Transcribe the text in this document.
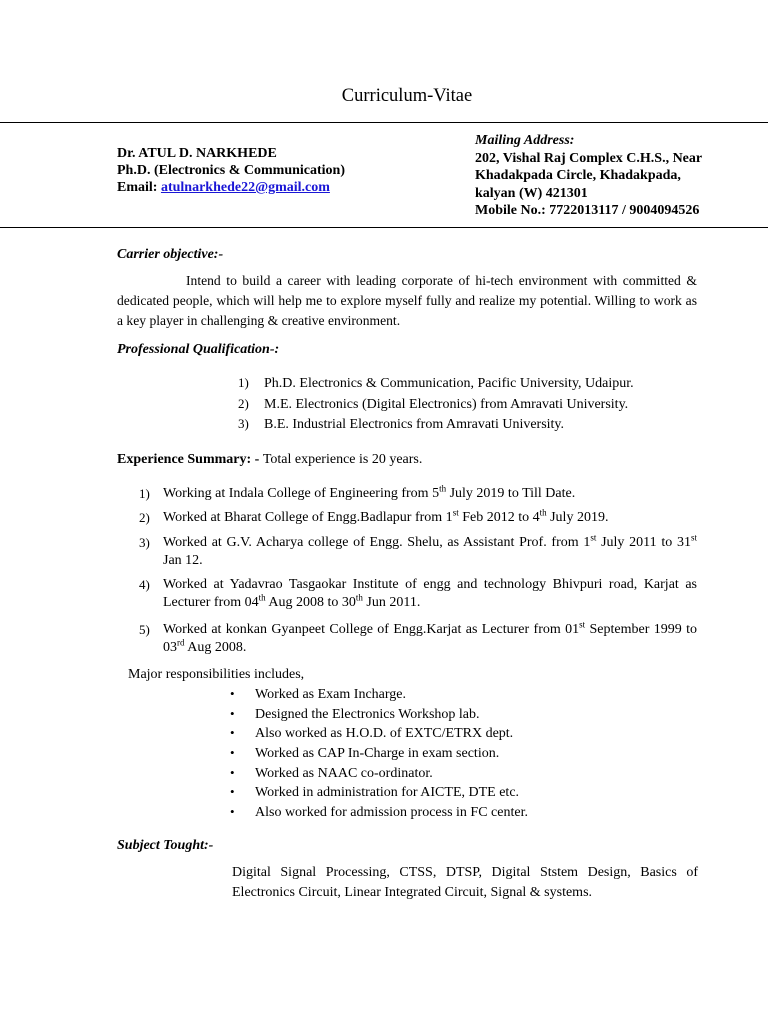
Curriculum-Vitae
Dr. ATUL D. NARKHEDE
Ph.D. (Electronics & Communication)
Email: atulnarkhede22@gmail.com
Mailing Address:
202, Vishal Raj Complex C.H.S., Near
Khadakpada Circle, Khadakpada,
kalyan (W) 421301
Mobile No.: 7722013117 / 9004094526
Carrier objective:-
Intend to build a career with leading corporate of hi-tech environment with committed & dedicated people, which will help me to explore myself fully and realize my potential. Willing to work as a key player in challenging & creative environment.
Professional Qualification-:
1) Ph.D. Electronics & Communication, Pacific University, Udaipur.
2) M.E. Electronics (Digital Electronics) from Amravati University.
3) B.E. Industrial Electronics from Amravati University.
Experience Summary: - Total experience is 20 years.
1) Working at Indala College of Engineering from 5th July 2019 to Till Date.
2) Worked at Bharat College of Engg.Badlapur from 1st Feb 2012 to 4th July 2019.
3) Worked at G.V. Acharya college of Engg. Shelu, as Assistant Prof. from 1st July 2011 to 31st Jan 12.
4) Worked at Yadavrao Tasgaokar Institute of engg and technology Bhivpuri road, Karjat as Lecturer from 04th Aug 2008 to 30th Jun 2011.
5) Worked at konkan Gyanpeet College of Engg.Karjat as Lecturer from 01st September 1999 to 03rd Aug 2008.
Major responsibilities includes,
• Worked as Exam Incharge.
• Designed the Electronics Workshop lab.
• Also worked as H.O.D. of EXTC/ETRX dept.
• Worked as CAP In-Charge in exam section.
• Worked as NAAC co-ordinator.
• Worked in administration for AICTE, DTE etc.
• Also worked for admission process in FC center.
Subject Tought:-
Digital Signal Processing, CTSS, DTSP, Digital Ststem Design, Basics of Electronics Circuit, Linear Integrated Circuit, Signal & systems.
